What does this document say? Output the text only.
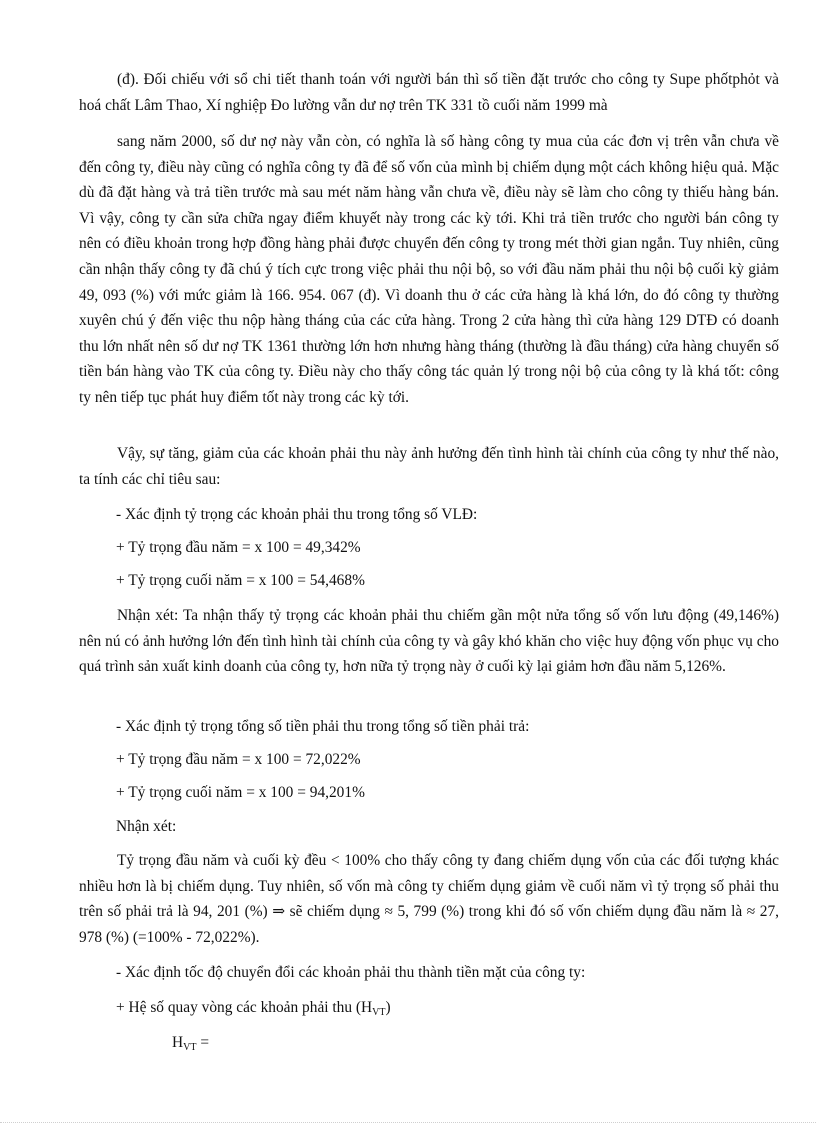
(đ). Đối chiếu với sổ chi tiết thanh toán với người bán thì số tiền đặt trước cho công ty Supe phốtphỏt và hoá chất Lâm Thao, Xí nghiệp Đo lường vẫn dư nợ trên TK 331 tồ cuối năm 1999 mà
sang năm 2000, số dư nợ này vẫn còn, có nghĩa là số hàng công ty mua của các đơn vị trên vẫn chưa về đến công ty, điều này cũng có nghĩa công ty đã để số vốn của mình bị chiếm dụng một cách không hiệu quả. Mặc dù đã đặt hàng và trả tiền trước mà sau mét năm hàng vẫn chưa về, điều này sẽ làm cho công ty thiếu hàng bán. Vì vậy, công ty cần sửa chữa ngay điểm khuyết này trong các kỳ tới. Khi trả tiền trước cho người bán công ty nên có điều khoản trong hợp đồng hàng phải được chuyển đến công ty trong mét thời gian ngắn. Tuy nhiên, cũng cần nhận thấy công ty đã chú ý tích cực trong việc phải thu nội bộ, so với đầu năm phải thu nội bộ cuối kỳ giảm 49, 093 (%) với mức giảm là 166. 954. 067 (đ). Vì doanh thu ở các cửa hàng là khá lớn, do đó công ty thường xuyên chú ý đến việc thu nộp hàng tháng của các cửa hàng. Trong 2 cửa hàng thì cửa hàng 129 DTĐ có doanh thu lớn nhất nên số dư nợ TK 1361 thường lớn hơn nhưng hàng tháng (thường là đầu tháng) cửa hàng chuyển số tiền bán hàng vào TK của công ty. Điều này cho thấy công tác quản lý trong nội bộ của công ty là khá tốt: công ty nên tiếp tục phát huy điểm tốt này trong các kỳ tới.
Vậy, sự tăng, giảm của các khoản phải thu này ảnh hưởng đến tình hình tài chính của công ty như thế nào, ta tính các chỉ tiêu sau:
- Xác định tỷ trọng các khoản phải thu trong tổng số VLĐ:
+ Tỷ trọng đầu năm = x 100 = 49,342%
+ Tỷ trọng cuối năm = x 100 = 54,468%
Nhận xét: Ta nhận thấy tỷ trọng các khoản phải thu chiếm gần một nửa tổng số vốn lưu động (49,146%) nên nú có ảnh hưởng lớn đến tình hình tài chính của công ty và gây khó khăn cho việc huy động vốn phục vụ cho quá trình sản xuất kinh doanh của công ty, hơn nữa tỷ trọng này ở cuối kỳ lại giảm hơn đầu năm 5,126%.
- Xác định tỷ trọng tổng số tiền phải thu trong tổng số tiền phải trả:
+ Tỷ trọng đầu năm = x 100 = 72,022%
+ Tỷ trọng cuối năm = x 100 = 94,201%
Nhận xét:
Tỷ trọng đầu năm và cuối kỳ đều < 100% cho thấy công ty đang chiếm dụng vốn của các đối tượng khác nhiều hơn là bị chiếm dụng. Tuy nhiên, số vốn mà công ty chiếm dụng giảm về cuối năm vì tỷ trọng số phải thu trên số phải trả là 94, 201 (%) ⇒ sẽ chiếm dụng ≈ 5, 799 (%) trong khi đó số vốn chiếm dụng đầu năm là ≈ 27, 978 (%) (=100% - 72,022%).
- Xác định tốc độ chuyển đổi các khoản phải thu thành tiền mặt của công ty:
+ Hệ số quay vòng các khoản phải thu $(H_{VT})$
$H_{VT}$ =
